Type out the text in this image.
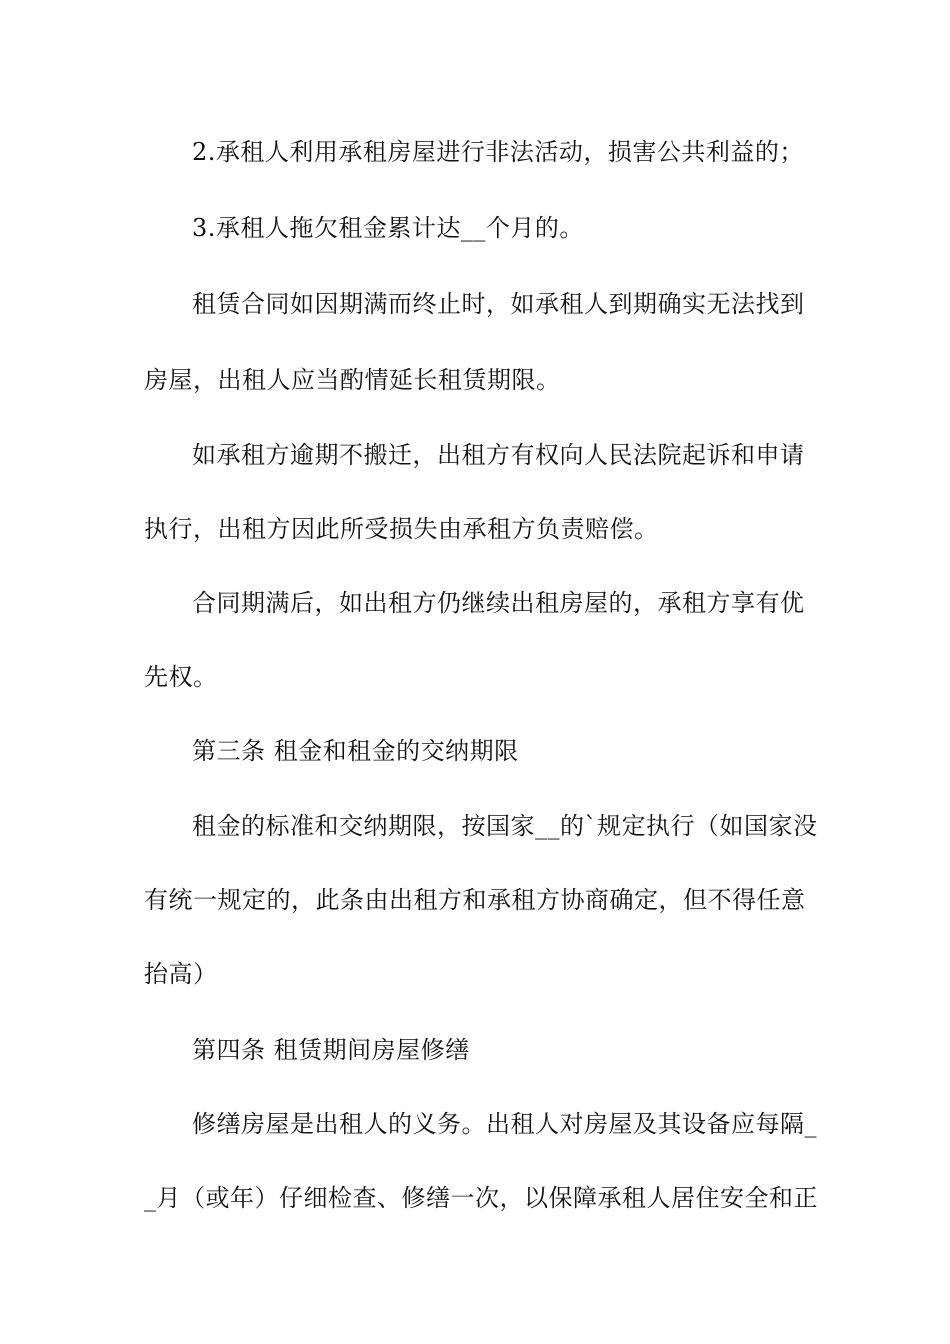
2.承租人利用承租房屋进行非法活动，损害公共利益的；
3.承租人拖欠租金累计达__个月的。
租赁合同如因期满而终止时，如承租人到期确实无法找到
房屋，出租人应当酌情延长租赁期限。
如承租方逾期不搬迁，出租方有权向人民法院起诉和申请
执行，出租方因此所受损失由承租方负责赔偿。
合同期满后，如出租方仍继续出租房屋的，承租方享有优
先权。
第三条 租金和租金的交纳期限
租金的标准和交纳期限，按国家__的`规定执行（如国家没
有统一规定的，此条由出租方和承租方协商确定，但不得任意
抬高）
第四条 租赁期间房屋修缮
修缮房屋是出租人的义务。出租人对房屋及其设备应每隔_
_月（或年）仔细检查、修缮一次，以保障承租人居住安全和正
